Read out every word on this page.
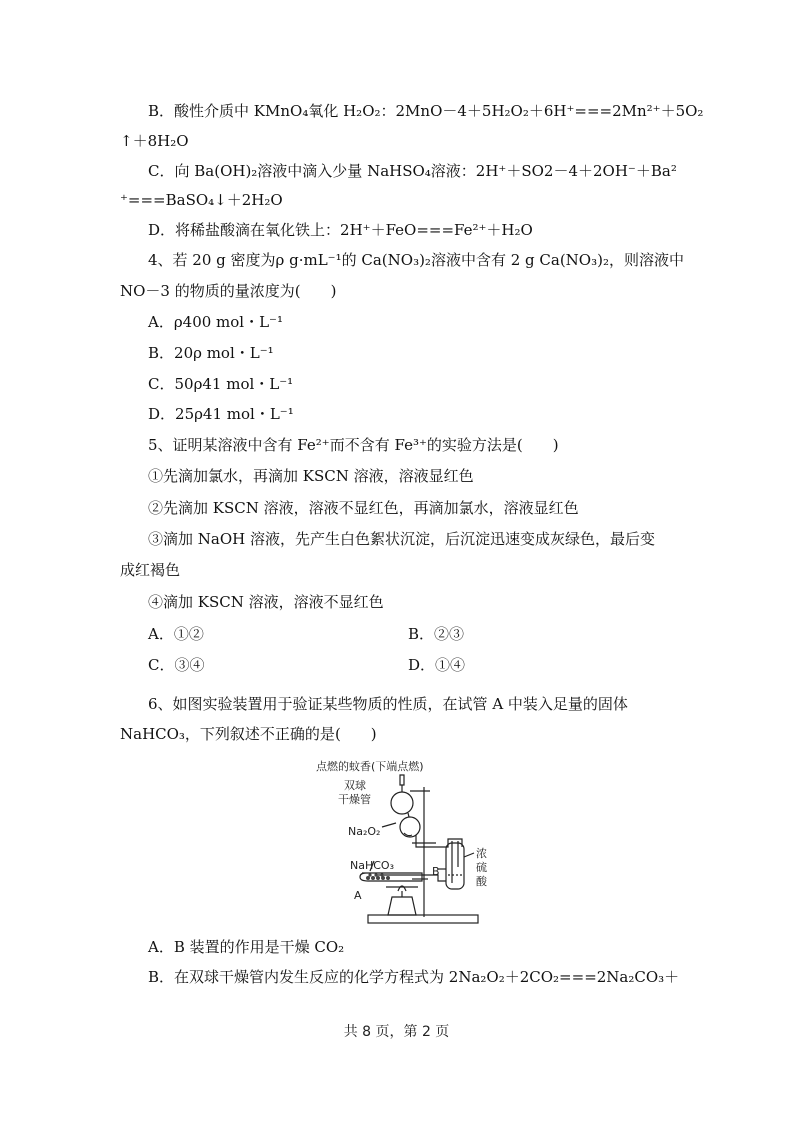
B．酸性介质中 KMnO₄氧化 H₂O₂：2MnO－4＋5H₂O₂＋6H⁺===2Mn²⁺＋5O₂
↑＋8H₂O
C．向 Ba(OH)₂溶液中滴入少量 NaHSO₄溶液：2H⁺＋SO2－4＋2OH⁻＋Ba²
⁺===BaSO₄↓＋2H₂O
D．将稀盐酸滴在氧化铁上：2H⁺＋FeO===Fe²⁺＋H₂O
4、若 20 g 密度为ρ g·mL⁻¹的 Ca(NO₃)₂溶液中含有 2 g Ca(NO₃)₂，则溶液中
NO－3 的物质的量浓度为(　　)
A．ρ400 mol・L⁻¹
B．20ρ mol・L⁻¹
C．50ρ41 mol・L⁻¹
D．25ρ41 mol・L⁻¹
5、证明某溶液中含有 Fe²⁺而不含有 Fe³⁺的实验方法是(　　)
①先滴加氯水，再滴加 KSCN 溶液，溶液显红色
②先滴加 KSCN 溶液，溶液不显红色，再滴加氯水，溶液显红色
③滴加 NaOH 溶液，先产生白色絮状沉淀，后沉淀迅速变成灰绿色，最后变
成红褐色
④滴加 KSCN 溶液，溶液不显红色
A．①②	B．②③
C．③④	D．①④
6、如图实验装置用于验证某些物质的性质，在试管 A 中装入足量的固体
NaHCO₃，下列叙述不正确的是(　　)
点燃的蚊香(下端点燃)
双球
干燥管
Na₂O₂
NaHCO₃
A
B
浓
硫
酸
A．B 装置的作用是干燥 CO₂
B．在双球干燥管内发生反应的化学方程式为 2Na₂O₂＋2CO₂===2Na₂CO₃＋
共 8 页，第 2 页
